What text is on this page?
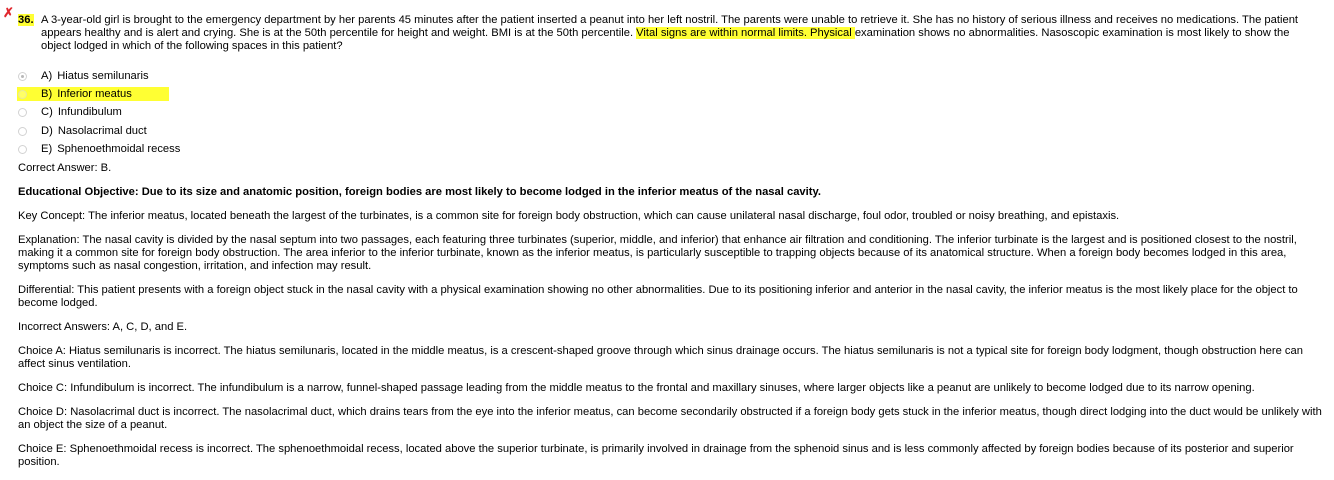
✗ 36. A 3-year-old girl is brought to the emergency department by her parents 45 minutes after the patient inserted a peanut into her left nostril. The parents were unable to retrieve it. She has no history of serious illness and receives no medications. The patient appears healthy and is alert and crying. She is at the 50th percentile for height and weight. BMI is at the 50th percentile. Vital signs are within normal limits. Physical examination shows no abnormalities. Nasoscopic examination is most likely to show the object lodged in which of the following spaces in this patient?
A) Hiatus semilunaris
B) Inferior meatus
C) Infundibulum
D) Nasolacrimal duct
E) Sphenoethmoidal recess

Correct Answer: B.

Educational Objective: Due to its size and anatomic position, foreign bodies are most likely to become lodged in the inferior meatus of the nasal cavity.

Key Concept: The inferior meatus, located beneath the largest of the turbinates, is a common site for foreign body obstruction, which can cause unilateral nasal discharge, foul odor, troubled or noisy breathing, and epistaxis.

Explanation: The nasal cavity is divided by the nasal septum into two passages, each featuring three turbinates (superior, middle, and inferior) that enhance air filtration and conditioning. The inferior turbinate is the largest and is positioned closest to the nostril, making it a common site for foreign body obstruction. The area inferior to the inferior turbinate, known as the inferior meatus, is particularly susceptible to trapping objects because of its anatomical structure. When a foreign body becomes lodged in this area, symptoms such as nasal congestion, irritation, and infection may result.

Differential: This patient presents with a foreign object stuck in the nasal cavity with a physical examination showing no other abnormalities. Due to its positioning inferior and anterior in the nasal cavity, the inferior meatus is the most likely place for the object to become lodged.

Incorrect Answers: A, C, D, and E.

Choice A: Hiatus semilunaris is incorrect. The hiatus semilunaris, located in the middle meatus, is a crescent-shaped groove through which sinus drainage occurs. The hiatus semilunaris is not a typical site for foreign body lodgment, though obstruction here can affect sinus ventilation.

Choice C: Infundibulum is incorrect. The infundibulum is a narrow, funnel-shaped passage leading from the middle meatus to the frontal and maxillary sinuses, where larger objects like a peanut are unlikely to become lodged due to its narrow opening.

Choice D: Nasolacrimal duct is incorrect. The nasolacrimal duct, which drains tears from the eye into the inferior meatus, can become secondarily obstructed if a foreign body gets stuck in the inferior meatus, though direct lodging into the duct would be unlikely with an object the size of a peanut.

Choice E: Sphenoethmoidal recess is incorrect. The sphenoethmoidal recess, located above the superior turbinate, is primarily involved in drainage from the sphenoid sinus and is less commonly affected by foreign bodies because of its posterior and superior position.
